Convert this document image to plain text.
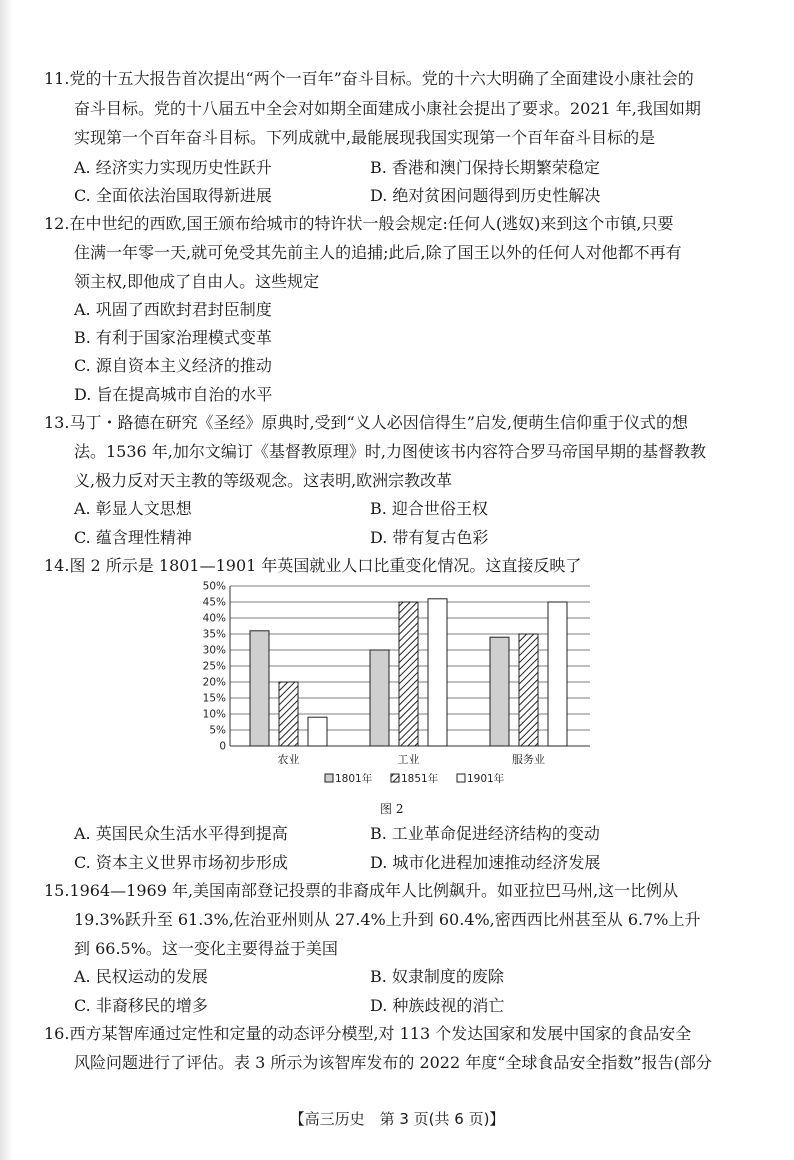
11.党的十五大报告首次提出“两个一百年”奋斗目标。党的十六大明确了全面建设小康社会的
奋斗目标。党的十八届五中全会对如期全面建成小康社会提出了要求。2021 年,我国如期
实现第一个百年奋斗目标。下列成就中,最能展现我国实现第一个百年奋斗目标的是
A. 经济实力实现历史性跃升	B. 香港和澳门保持长期繁荣稳定
C. 全面依法治国取得新进展	D. 绝对贫困问题得到历史性解决
12.在中世纪的西欧,国王颁布给城市的特许状一般会规定:任何人(逃奴)来到这个市镇,只要
住满一年零一天,就可免受其先前主人的追捕;此后,除了国王以外的任何人对他都不再有
领主权,即他成了自由人。这些规定
A. 巩固了西欧封君封臣制度
B. 有利于国家治理模式变革
C. 源自资本主义经济的推动
D. 旨在提高城市自治的水平
13.马丁・路德在研究《圣经》原典时,受到“义人必因信得生”启发,便萌生信仰重于仪式的想
法。1536 年,加尔文编订《基督教原理》时,力图使该书内容符合罗马帝国早期的基督教教
义,极力反对天主教的等级观念。这表明,欧洲宗教改革
A. 彰显人文思想	B. 迎合世俗王权
C. 蕴含理性精神	D. 带有复古色彩
14.图 2 所示是 1801—1901 年英国就业人口比重变化情况。这直接反映了
0
5%
10%
15%
20%
25%
30%
35%
40%
45%
50%
农业	工业	服务业
1801年	1851年	1901年
图 2
A. 英国民众生活水平得到提高	B. 工业革命促进经济结构的变动
C. 资本主义世界市场初步形成	D. 城市化进程加速推动经济发展
15.1964—1969 年,美国南部登记投票的非裔成年人比例飙升。如亚拉巴马州,这一比例从
19.3%跃升至 61.3%,佐治亚州则从 27.4%上升到 60.4%,密西西比州甚至从 6.7%上升
到 66.5%。这一变化主要得益于美国
A. 民权运动的发展	B. 奴隶制度的废除
C. 非裔移民的增多	D. 种族歧视的消亡
16.西方某智库通过定性和定量的动态评分模型,对 113 个发达国家和发展中国家的食品安全
风险问题进行了评估。表 3 所示为该智库发布的 2022 年度“全球食品安全指数”报告(部分
【高三历史　第 3 页(共 6 页)】
